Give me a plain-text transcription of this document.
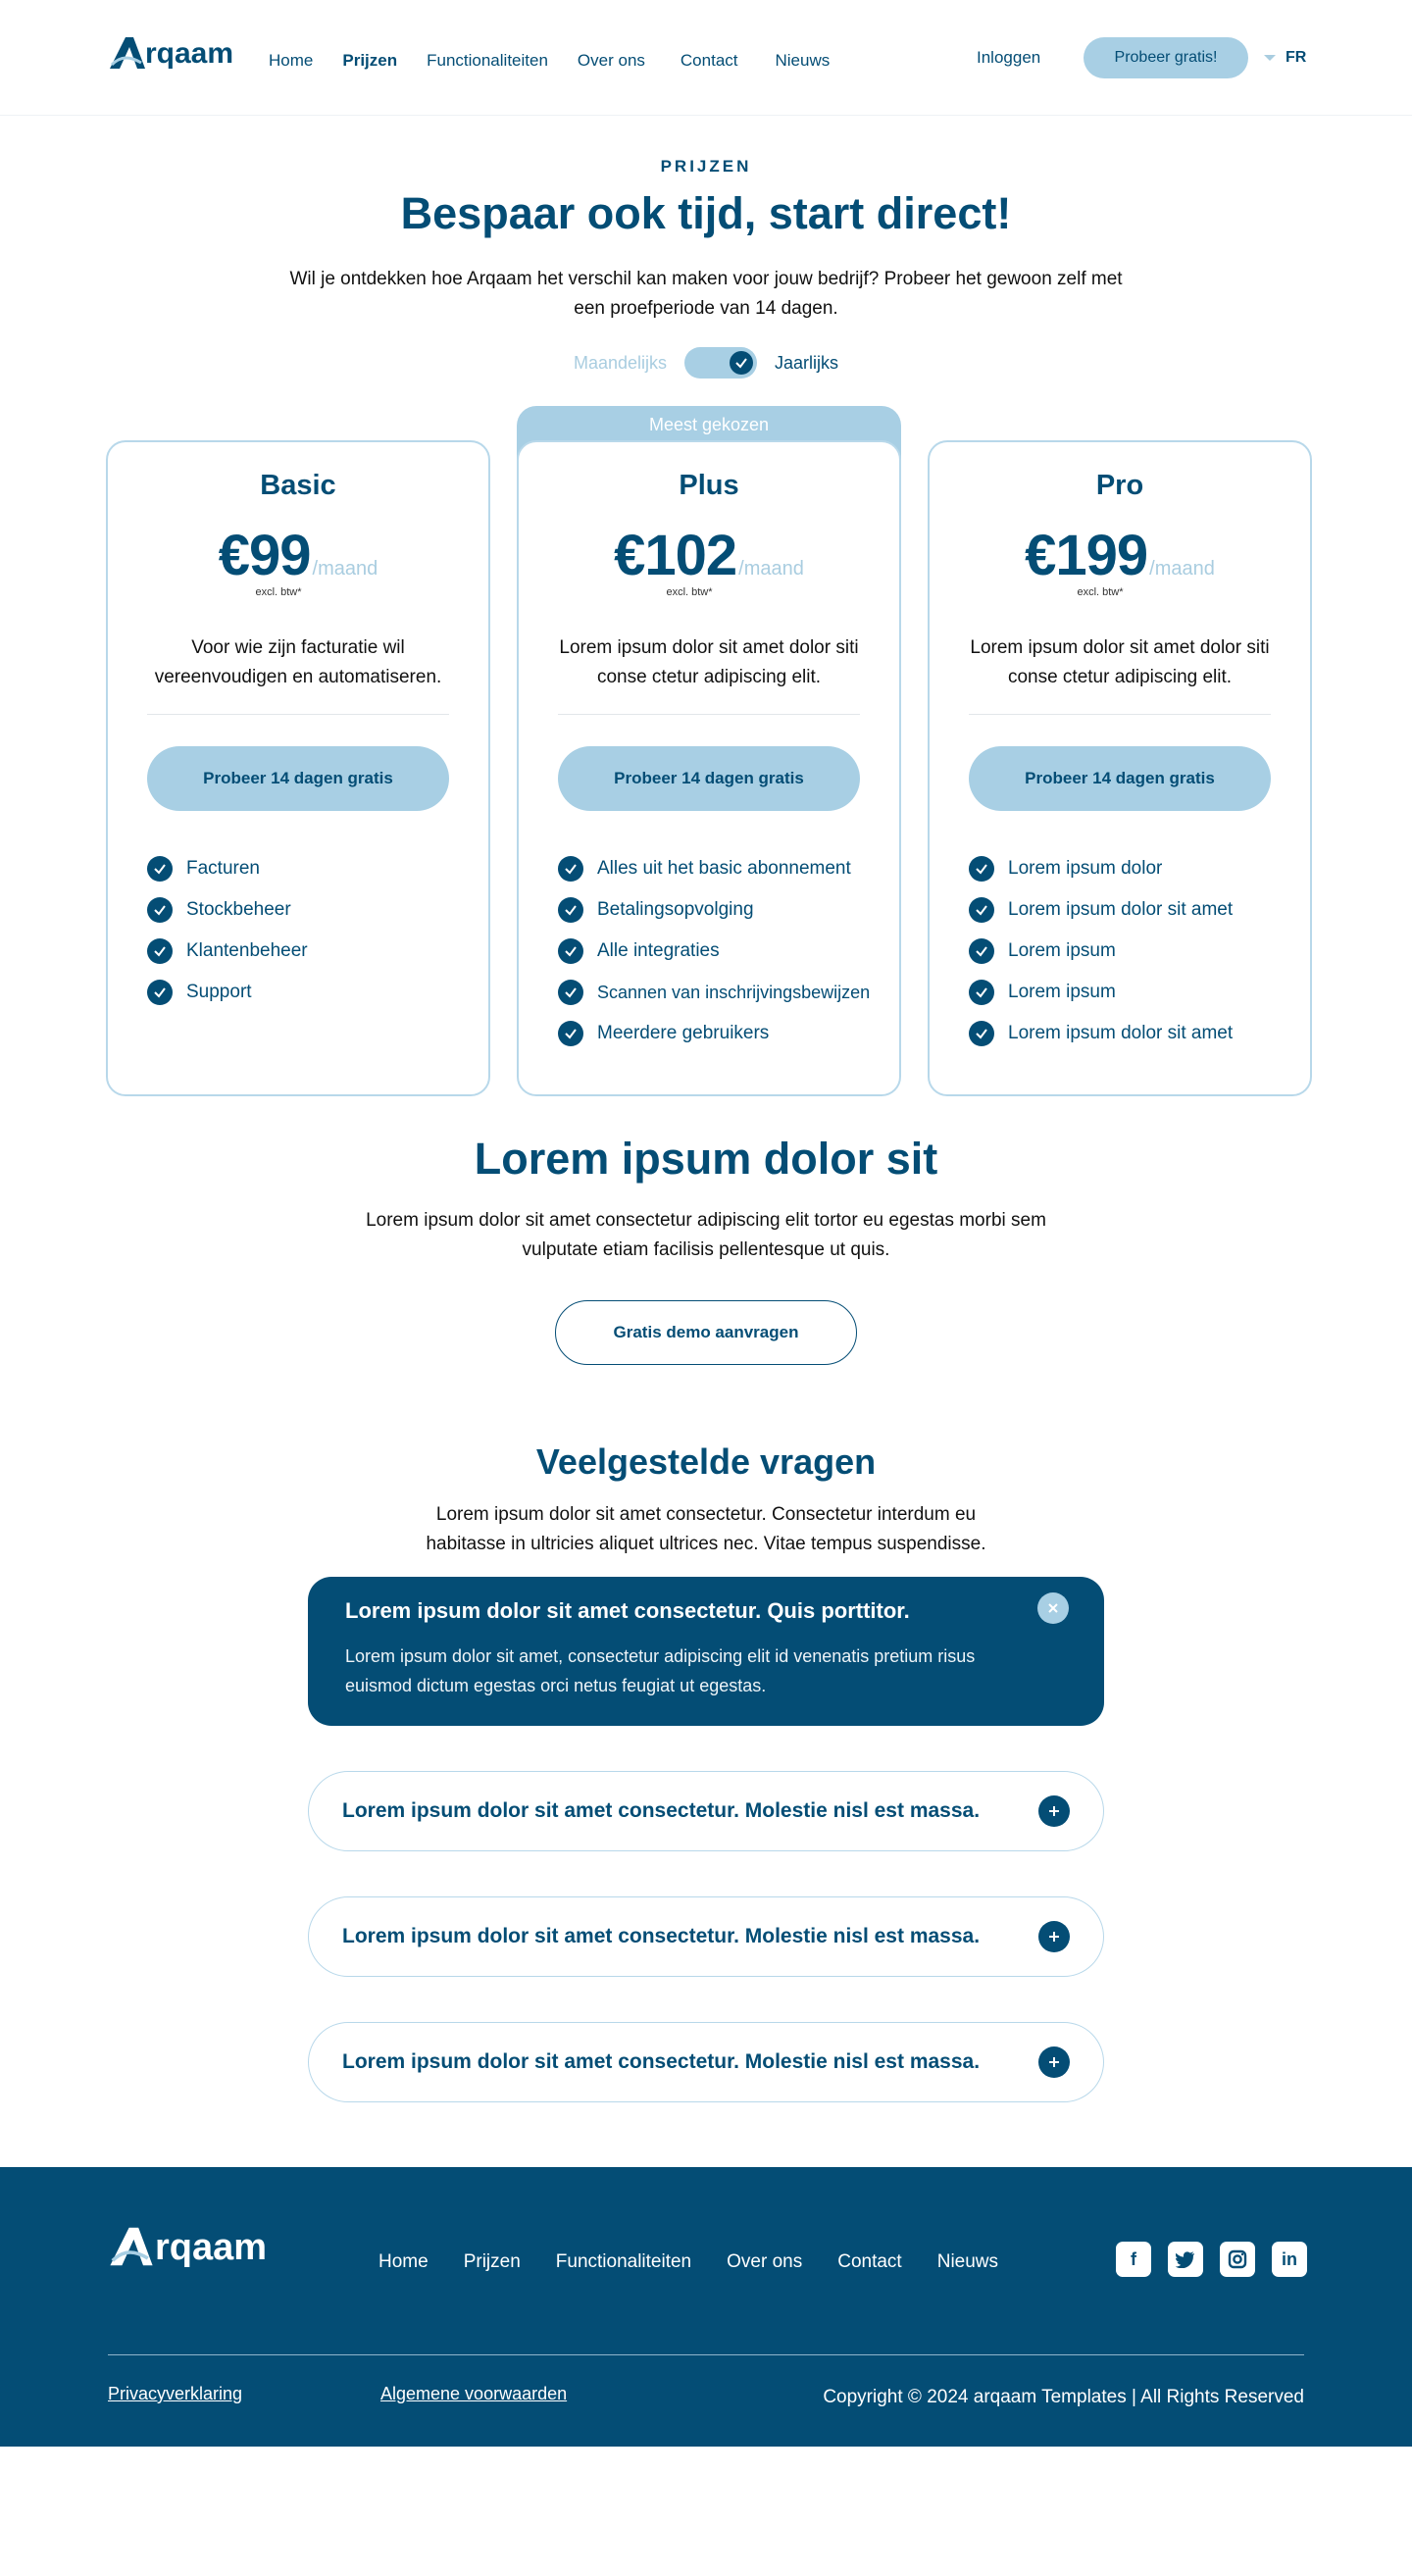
rqaam Home Prijzen Functionaliteiten Over ons Contact Nieuws	Inloggen	Probeer gratis!	FR
PRIJZEN
Bespaar ook tijd, start direct!

Wil je ontdekken hoe Arqaam het verschil kan maken voor jouw bedrijf? Probeer het gewoon zelf met een proefperiode van 14 dagen.

Maandelijks	Jaarlijks
Meest gekozen
Basic
€99 /maand
excl. btw*
Voor wie zijn facturatie wil vereenvoudigen en automatiseren.
Probeer 14 dagen gratis
Facturen
Stockbeheer
Klantenbeheer
Support
Plus
€102 /maand
excl. btw*
Lorem ipsum dolor sit amet dolor siti conse ctetur adipiscing elit.
Probeer 14 dagen gratis
Alles uit het basic abonnement
Betalingsopvolging
Alle integraties
Scannen van inschrijvingsbewijzen
Meerdere gebruikers
Pro
€199 /maand
excl. btw*
Lorem ipsum dolor sit amet dolor siti conse ctetur adipiscing elit.
Probeer 14 dagen gratis
Lorem ipsum dolor
Lorem ipsum dolor sit amet
Lorem ipsum
Lorem ipsum
Lorem ipsum dolor sit amet
Lorem ipsum dolor sit

Lorem ipsum dolor sit amet consectetur adipiscing elit tortor eu egestas morbi sem vulputate etiam facilisis pellentesque ut quis.

Gratis demo aanvragen
Veelgestelde vragen

Lorem ipsum dolor sit amet consectetur. Consectetur interdum eu habitasse in ultricies aliquet ultrices nec. Vitae tempus suspendisse.

Lorem ipsum dolor sit amet consectetur. Quis porttitor.

Lorem ipsum dolor sit amet, consectetur adipiscing elit id venenatis pretium risus euismod dictum egestas orci netus feugiat ut egestas.

Lorem ipsum dolor sit amet consectetur. Molestie nisl est massa.
Lorem ipsum dolor sit amet consectetur. Molestie nisl est massa.
Lorem ipsum dolor sit amet consectetur. Molestie nisl est massa.
rqaam	Home Prijzen Functionaliteiten Over ons Contact Nieuws	f	in
Privacyverklaring	Algemene voorwaarden	Copyright © 2024 arqaam Templates | All Rights Reserved
